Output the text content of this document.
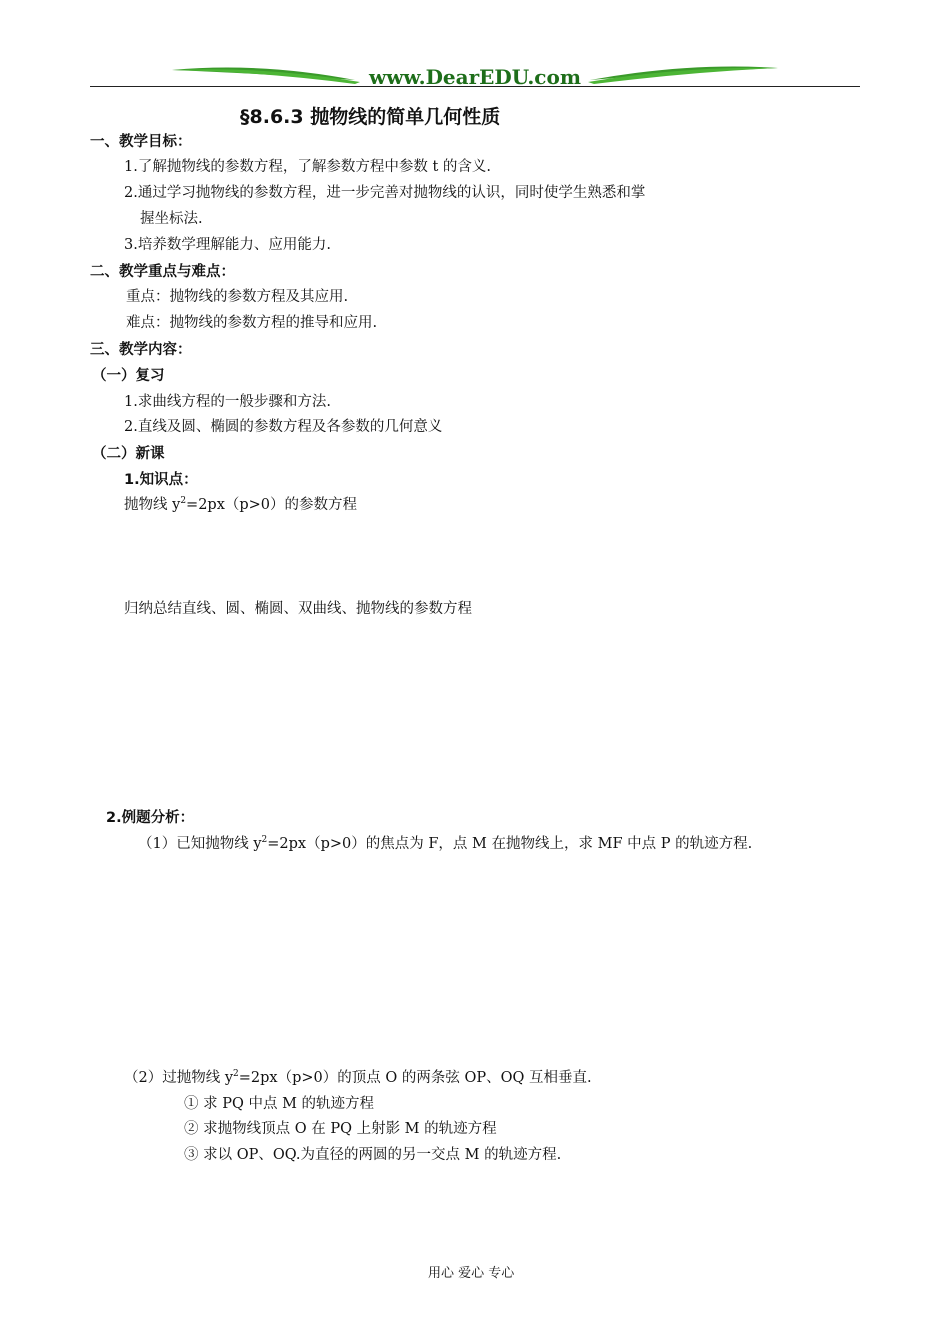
www.DearEDU.com
§8.6.3 抛物线的简单几何性质
一、教学目标：
1.了解抛物线的参数方程，了解参数方程中参数 t 的含义.
2.通过学习抛物线的参数方程，进一步完善对抛物线的认识，同时使学生熟悉和掌
握坐标法.
3.培养数学理解能力、应用能力.
二、教学重点与难点：
重点：抛物线的参数方程及其应用.
难点：抛物线的参数方程的推导和应用.
三、教学内容：
（一）复习
1.求曲线方程的一般步骤和方法.
2.直线及圆、椭圆的参数方程及各参数的几何意义
（二）新课
1.知识点：
抛物线 $y^2=2px(p>0)$的参数方程
归纳总结直线、圆、椭圆、双曲线、抛物线的参数方程
2.例题分析：
（1）已知抛物线 $y^2=2px(p>0)$的焦点为 F，点 M 在抛物线上，求 MF 中点 P 的轨迹方程.
（2）过抛物线 $y^2=2px(p>0)$的顶点 O 的两条弦 OP、OQ 互相垂直.
① 求 PQ 中点 M 的轨迹方程
② 求抛物线顶点 O 在 PQ 上射影 M 的轨迹方程
③ 求以 OP、OQ.为直径的两圆的另一交点 M 的轨迹方程.
用心 爱心 专心
